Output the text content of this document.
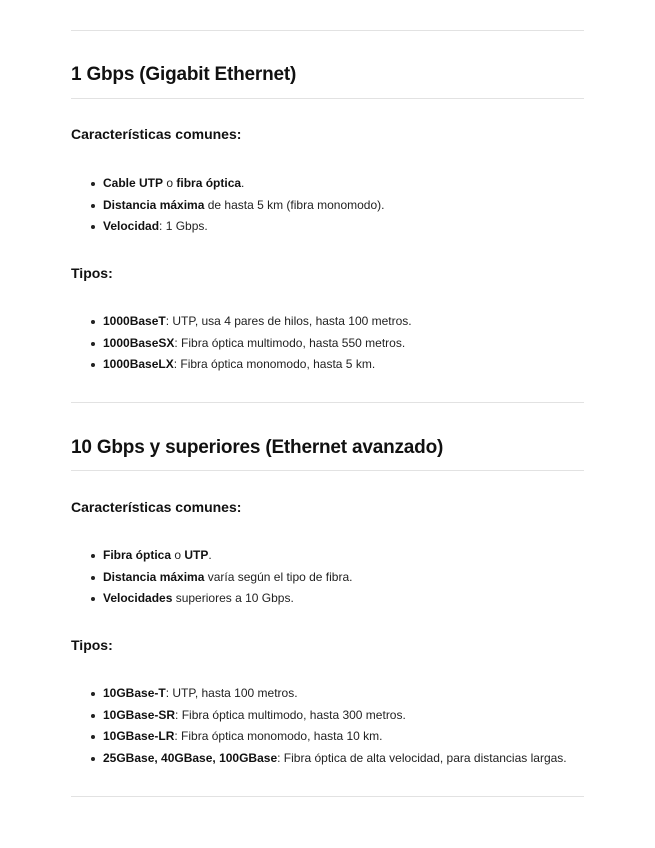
1 Gbps (Gigabit Ethernet)
Características comunes:
Cable UTP o fibra óptica.
Distancia máxima de hasta 5 km (fibra monomodo).
Velocidad: 1 Gbps.
Tipos:
1000BaseT: UTP, usa 4 pares de hilos, hasta 100 metros.
1000BaseSX: Fibra óptica multimodo, hasta 550 metros.
1000BaseLX: Fibra óptica monomodo, hasta 5 km.
10 Gbps y superiores (Ethernet avanzado)
Características comunes:
Fibra óptica o UTP.
Distancia máxima varía según el tipo de fibra.
Velocidades superiores a 10 Gbps.
Tipos:
10GBase-T: UTP, hasta 100 metros.
10GBase-SR: Fibra óptica multimodo, hasta 300 metros.
10GBase-LR: Fibra óptica monomodo, hasta 10 km.
25GBase, 40GBase, 100GBase: Fibra óptica de alta velocidad, para distancias largas.
